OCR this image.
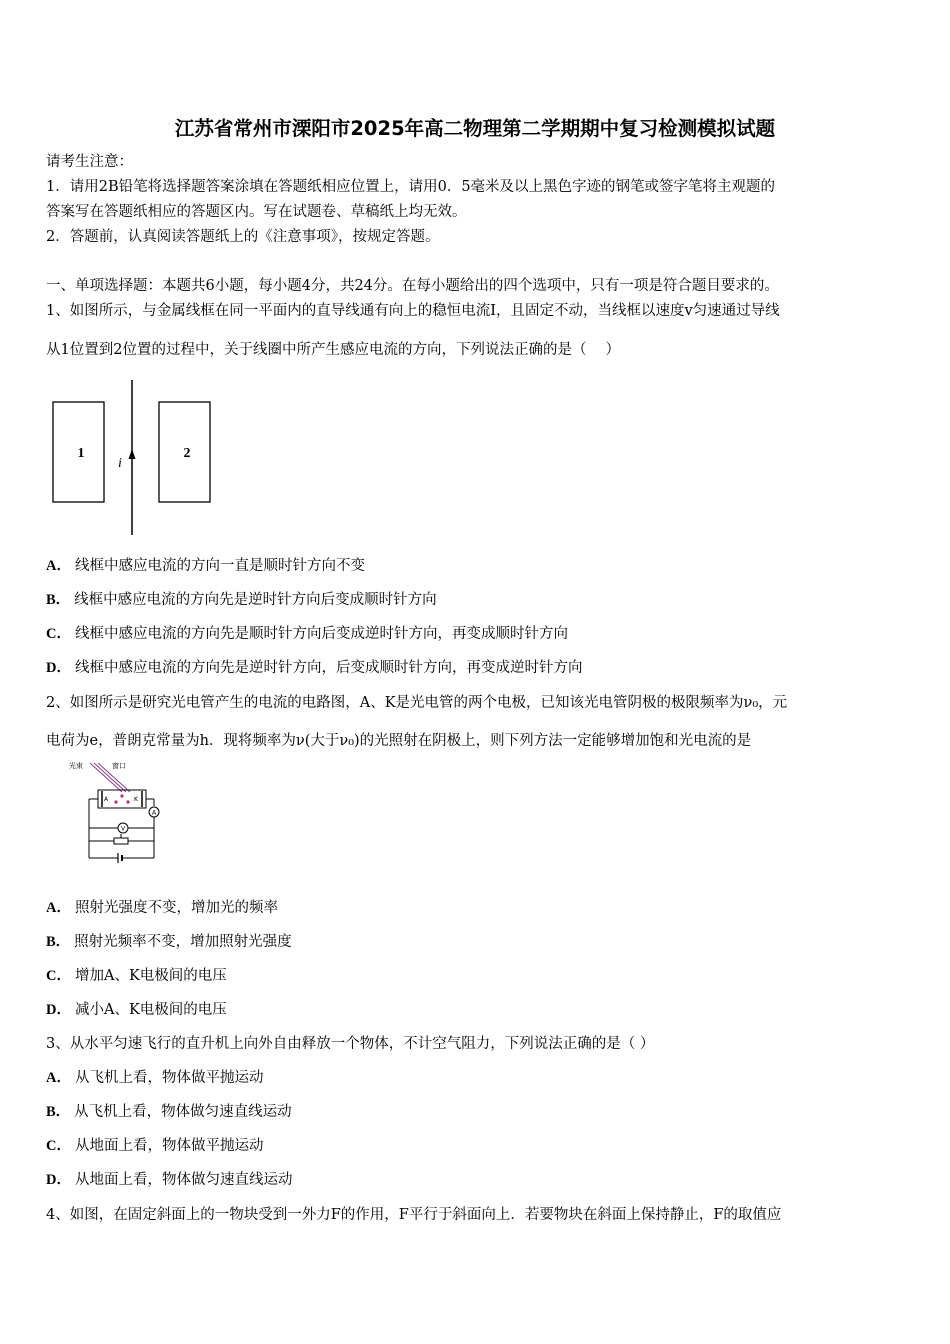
江苏省常州市溧阳市2025年高二物理第二学期期中复习检测模拟试题
请考生注意：
1．请用2B铅笔将选择题答案涂填在答题纸相应位置上，请用0．5毫米及以上黑色字迹的钢笔或签字笔将主观题的
答案写在答题纸相应的答题区内。写在试题卷、草稿纸上均无效。
2．答题前，认真阅读答题纸上的《注意事项》，按规定答题。
一、单项选择题：本题共6小题，每小题4分，共24分。在每小题给出的四个选项中，只有一项是符合题目要求的。
1、如图所示，与金属线框在同一平面内的直导线通有向上的稳恒电流I，且固定不动，当线框以速度v匀速通过导线
从1位置到2位置的过程中，关于线圈中所产生感应电流的方向，下列说法正确的是（　 ）
1	2
i
A． 线框中感应电流的方向一直是顺时针方向不变
B． 线框中感应电流的方向先是逆时针方向后变成顺时针方向
C． 线框中感应电流的方向先是顺时针方向后变成逆时针方向，再变成顺时针方向
D． 线框中感应电流的方向先是逆时针方向，后变成顺时针方向，再变成逆时针方向
2、如图所示是研究光电管产生的电流的电路图，A、K是光电管的两个电极，已知该光电管阴极的极限频率为ν₀，元
电荷为e，普朗克常量为h．现将频率为ν(大于ν₀)的光照射在阴极上，则下列方法一定能够增加饱和光电流的是
光束	窗口
A	K
A
V
A． 照射光强度不变，增加光的频率
B． 照射光频率不变，增加照射光强度
C． 增加A、K电极间的电压
D． 减小A、K电极间的电压
3、从水平匀速飞行的直升机上向外自由释放一个物体，不计空气阻力，下列说法正确的是（ ）
A． 从飞机上看，物体做平抛运动
B． 从飞机上看，物体做匀速直线运动
C． 从地面上看，物体做平抛运动
D． 从地面上看，物体做匀速直线运动
4、如图，在固定斜面上的一物块受到一外力F的作用，F平行于斜面向上．若要物块在斜面上保持静止，F的取值应
